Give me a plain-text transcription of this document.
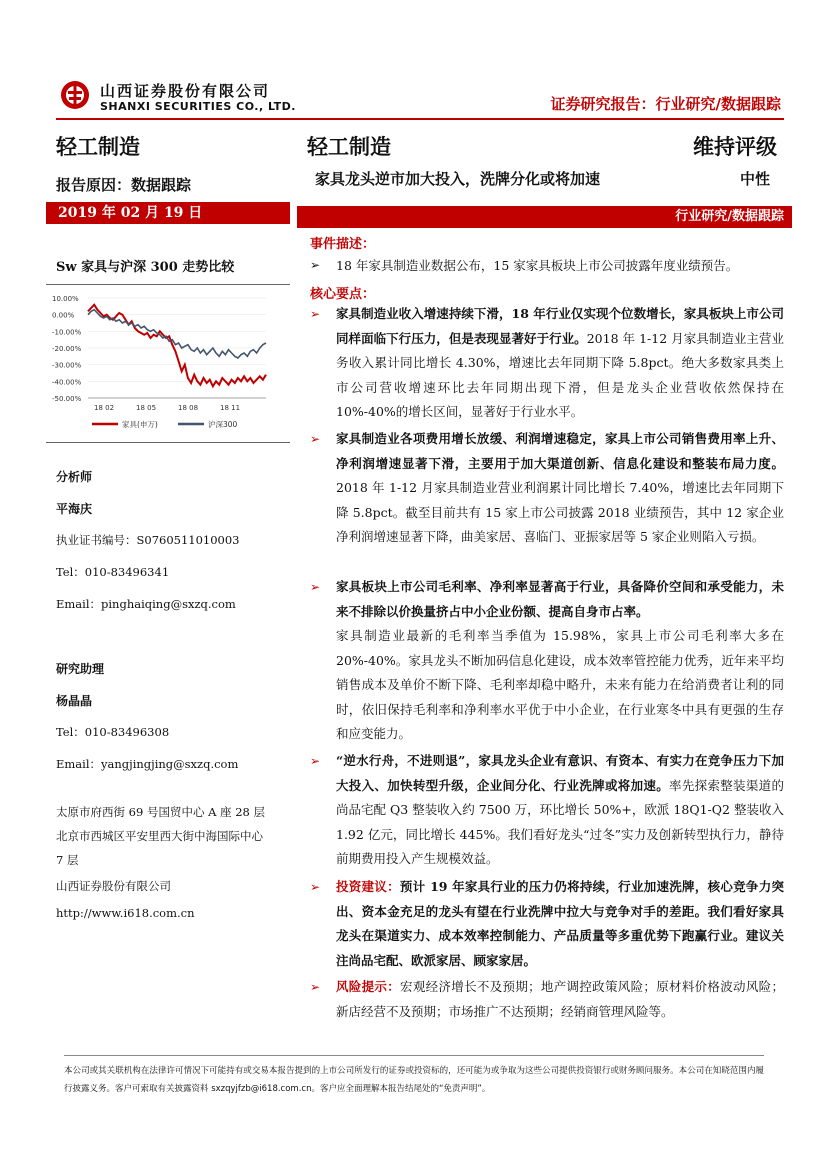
山西证券股份有限公司
SHANXI SECURITIES CO., LTD.	证券研究报告：行业研究/数据跟踪
轻工制造
报告原因：数据跟踪
2019 年 02 月 19 日
Sw 家具与沪深 300 走势比较
10.00%
0.00%
-10.00%
-20.00%
-30.00%
-40.00%
-50.00%
18 02	18 05	18 08	18 11
家具(申万)	沪深300
分析师
平海庆
执业证书编号：S0760511010003
Tel：010-83496341
Email：pinghaiqing@sxzq.com
研究助理
杨晶晶
Tel：010-83496308
Email：yangjingjing@sxzq.com
太原市府西街 69 号国贸中心 A 座 28 层
北京市西城区平安里西大街中海国际中心
7 层
山西证券股份有限公司
http://www.i618.com.cn
轻工制造	维持评级
家具龙头逆市加大投入，洗牌分化或将加速	中性
行业研究/数据跟踪
事件描述：
➢ 18 年家具制造业数据公布，15 家家具板块上市公司披露年度业绩预告。
核心要点：
➢ 家具制造业收入增速持续下滑，18 年行业仅实现个位数增长，家具板块上市公司同样面临下行压力，但是表现显著好于行业。2018 年 1-12 月家具制造业主营业务收入累计同比增长 4.30%，增速比去年同期下降 5.8pct。绝大多数家具类上市公司营收增速环比去年同期出现下滑，但是龙头企业营收依然保持在 10%-40%的增长区间，显著好于行业水平。
➢ 家具制造业各项费用增长放缓、利润增速稳定，家具上市公司销售费用率上升、净利润增速显著下滑，主要用于加大渠道创新、信息化建设和整装布局力度。2018 年 1-12 月家具制造业营业利润累计同比增长 7.40%，增速比去年同期下降 5.8pct。截至目前共有 15 家上市公司披露 2018 业绩预告，其中 12 家企业净利润增速显著下降，曲美家居、喜临门、亚振家居等 5 家企业则陷入亏损。
➢ 家具板块上市公司毛利率、净利率显著高于行业，具备降价空间和承受能力，未来不排除以价换量挤占中小企业份额、提高自身市占率。
家具制造业最新的毛利率当季值为 15.98%，家具上市公司毛利率大多在 20%-40%。家具龙头不断加码信息化建设，成本效率管控能力优秀，近年来平均销售成本及单价不断下降、毛利率却稳中略升，未来有能力在给消费者让利的同时，依旧保持毛利率和净利率水平优于中小企业，在行业寒冬中具有更强的生存和应变能力。
➢ “逆水行舟，不进则退”，家具龙头企业有意识、有资本、有实力在竞争压力下加大投入、加快转型升级，企业间分化、行业洗牌或将加速。率先探索整装渠道的尚品宅配 Q3 整装收入约 7500 万，环比增长 50%+，欧派 18Q1-Q2 整装收入 1.92 亿元，同比增长 445%。我们看好龙头“过冬”实力及创新转型执行力，静待前期费用投入产生规模效益。
➢ 投资建议：预计 19 年家具行业的压力仍将持续，行业加速洗牌，核心竞争力突出、资本金充足的龙头有望在行业洗牌中拉大与竞争对手的差距。我们看好家具龙头在渠道实力、成本效率控制能力、产品质量等多重优势下跑赢行业。建议关注尚品宅配、欧派家居、顾家家居。
➢ 风险提示：宏观经济增长不及预期；地产调控政策风险；原材料价格波动风险；新店经营不及预期；市场推广不达预期；经销商管理风险等。
本公司或其关联机构在法律许可情况下可能持有或交易本报告提到的上市公司所发行的证券或投资标的，还可能为或争取为这些公司提供投资银行或财务顾问服务。本公司在知晓范围内履行披露义务。客户可索取有关披露资料 sxzqyjfzb@i618.com.cn。客户应全面理解本报告结尾处的“免责声明”。
